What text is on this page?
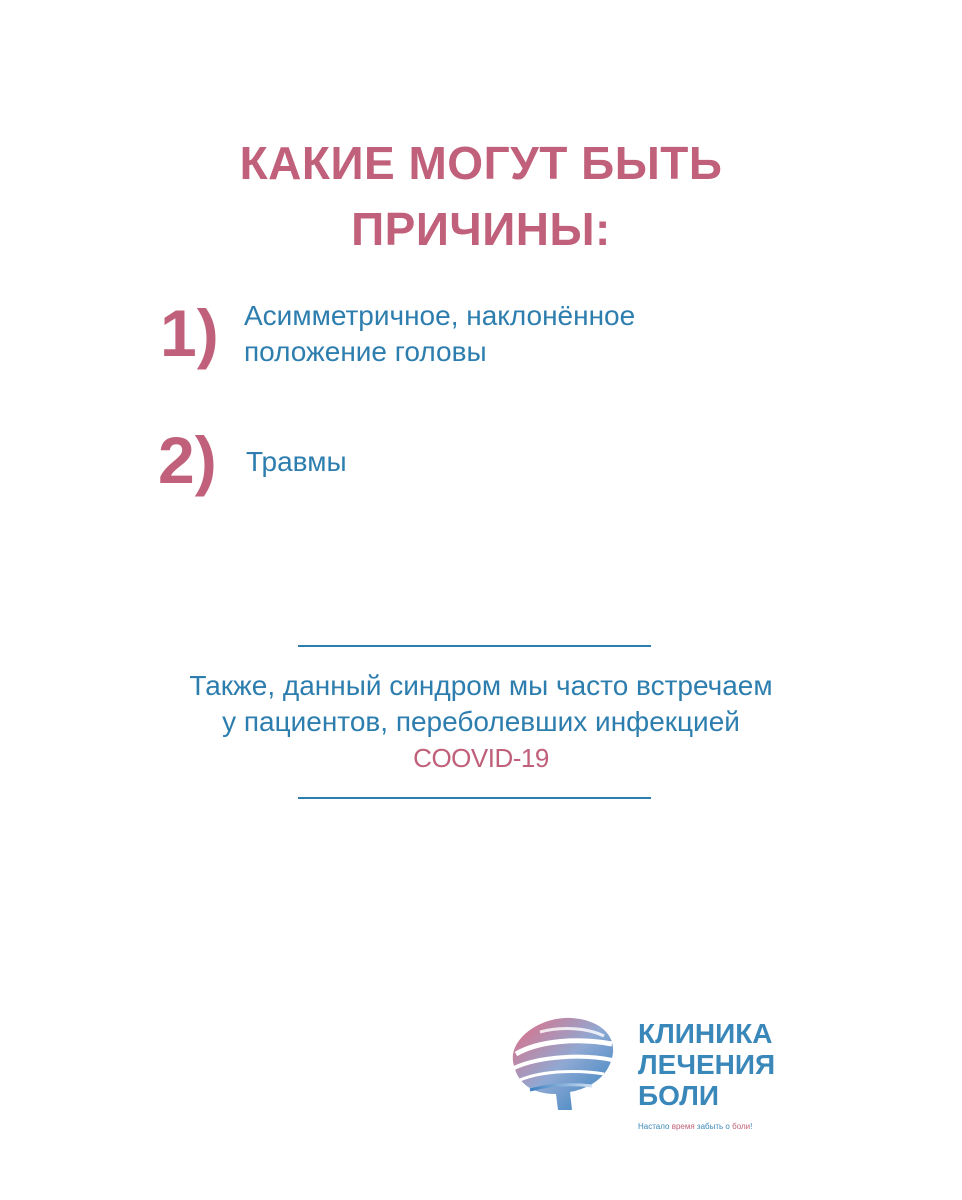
КАКИЕ МОГУТ БЫТЬ
ПРИЧИНЫ:
1) Асимметричное, наклонённое положение головы
2) Травмы
Также, данный синдром мы часто встречаем у пациентов, переболевших инфекцией COOVID-19
КЛИНИКА
ЛЕЧЕНИЯ
БОЛИ
Настало время забыть о боли!
